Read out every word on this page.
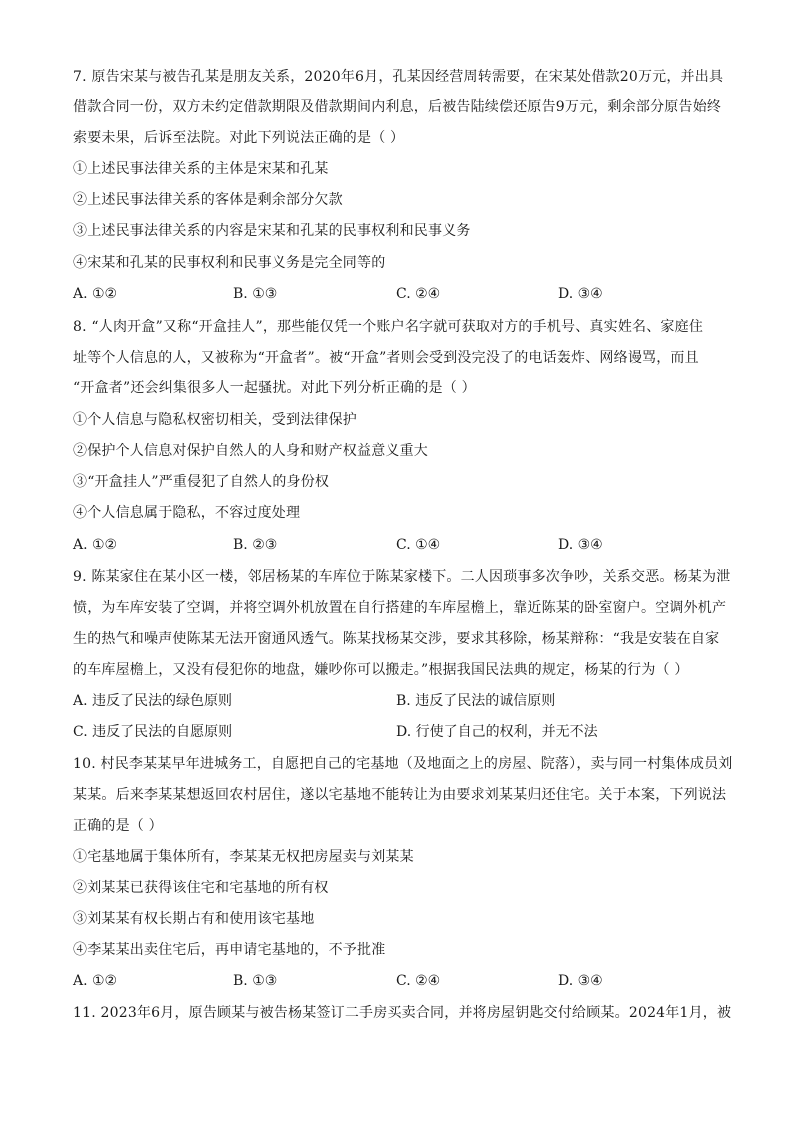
7. 原告宋某与被告孔某是朋友关系，2020年6月，孔某因经营周转需要，在宋某处借款20万元，并出具
借款合同一份，双方未约定借款期限及借款期间内利息，后被告陆续偿还原告9万元，剩余部分原告始终
索要未果，后诉至法院。对此下列说法正确的是（ ）
①上述民事法律关系的主体是宋某和孔某
②上述民事法律关系的客体是剩余部分欠款
③上述民事法律关系的内容是宋某和孔某的民事权利和民事义务
④宋某和孔某的民事权利和民事义务是完全同等的
A. ①②	B. ①③	C. ②④	D. ③④
8. “人肉开盒”又称“开盒挂人”，那些能仅凭一个账户名字就可获取对方的手机号、真实姓名、家庭住
址等个人信息的人，又被称为“开盒者”。被“开盒”者则会受到没完没了的电话轰炸、网络谩骂，而且
“开盒者”还会纠集很多人一起骚扰。对此下列分析正确的是（ ）
①个人信息与隐私权密切相关，受到法律保护
②保护个人信息对保护自然人的人身和财产权益意义重大
③“开盒挂人”严重侵犯了自然人的身份权
④个人信息属于隐私，不容过度处理
A. ①②	B. ②③	C. ①④	D. ③④
9. 陈某家住在某小区一楼，邻居杨某的车库位于陈某家楼下。二人因琐事多次争吵，关系交恶。杨某为泄
愤，为车库安装了空调，并将空调外机放置在自行搭建的车库屋檐上，靠近陈某的卧室窗户。空调外机产
生的热气和噪声使陈某无法开窗通风透气。陈某找杨某交涉，要求其移除，杨某辩称：“我是安装在自家
的车库屋檐上，又没有侵犯你的地盘，嫌吵你可以搬走。”根据我国民法典的规定，杨某的行为（ ）
A. 违反了民法的绿色原则	B. 违反了民法的诚信原则
C. 违反了民法的自愿原则	D. 行使了自己的权利，并无不法
10. 村民李某某早年进城务工，自愿把自己的宅基地（及地面之上的房屋、院落），卖与同一村集体成员刘
某某。后来李某某想返回农村居住，遂以宅基地不能转让为由要求刘某某归还住宅。关于本案，下列说法
正确的是（ ）
①宅基地属于集体所有，李某某无权把房屋卖与刘某某
②刘某某已获得该住宅和宅基地的所有权
③刘某某有权长期占有和使用该宅基地
④李某某出卖住宅后，再申请宅基地的，不予批准
A. ①②	B. ①③	C. ②④	D. ③④
11. 2023年6月，原告顾某与被告杨某签订二手房买卖合同，并将房屋钥匙交付给顾某。2024年1月，被
